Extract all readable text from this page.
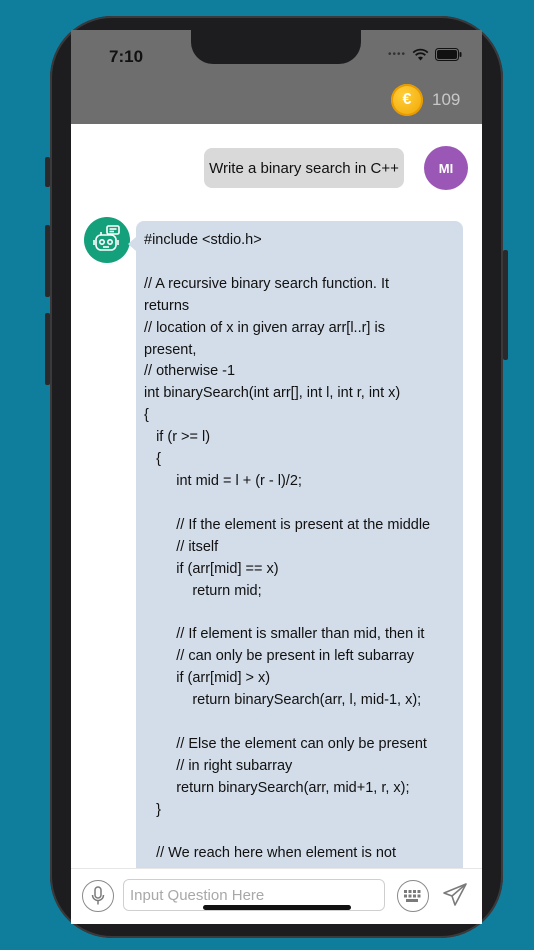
7:10	••••
€	109
Write a binary search in C++	MI
#include <stdio.h>

// A recursive binary search function. It
returns
// location of x in given array arr[l..r] is
present,
// otherwise -1
int binarySearch(int arr[], int l, int r, int x)
{
if (r >= l)
{
int mid = l + (r - l)/2;

// If the element is present at the middle
// itself
if (arr[mid] == x)
return mid;

// If element is smaller than mid, then it
// can only be present in left subarray
if (arr[mid] > x)
return binarySearch(arr, l, mid-1, x);

// Else the element can only be present
// in right subarray
return binarySearch(arr, mid+1, r, x);
}

// We reach here when element is not

Input Question Here
